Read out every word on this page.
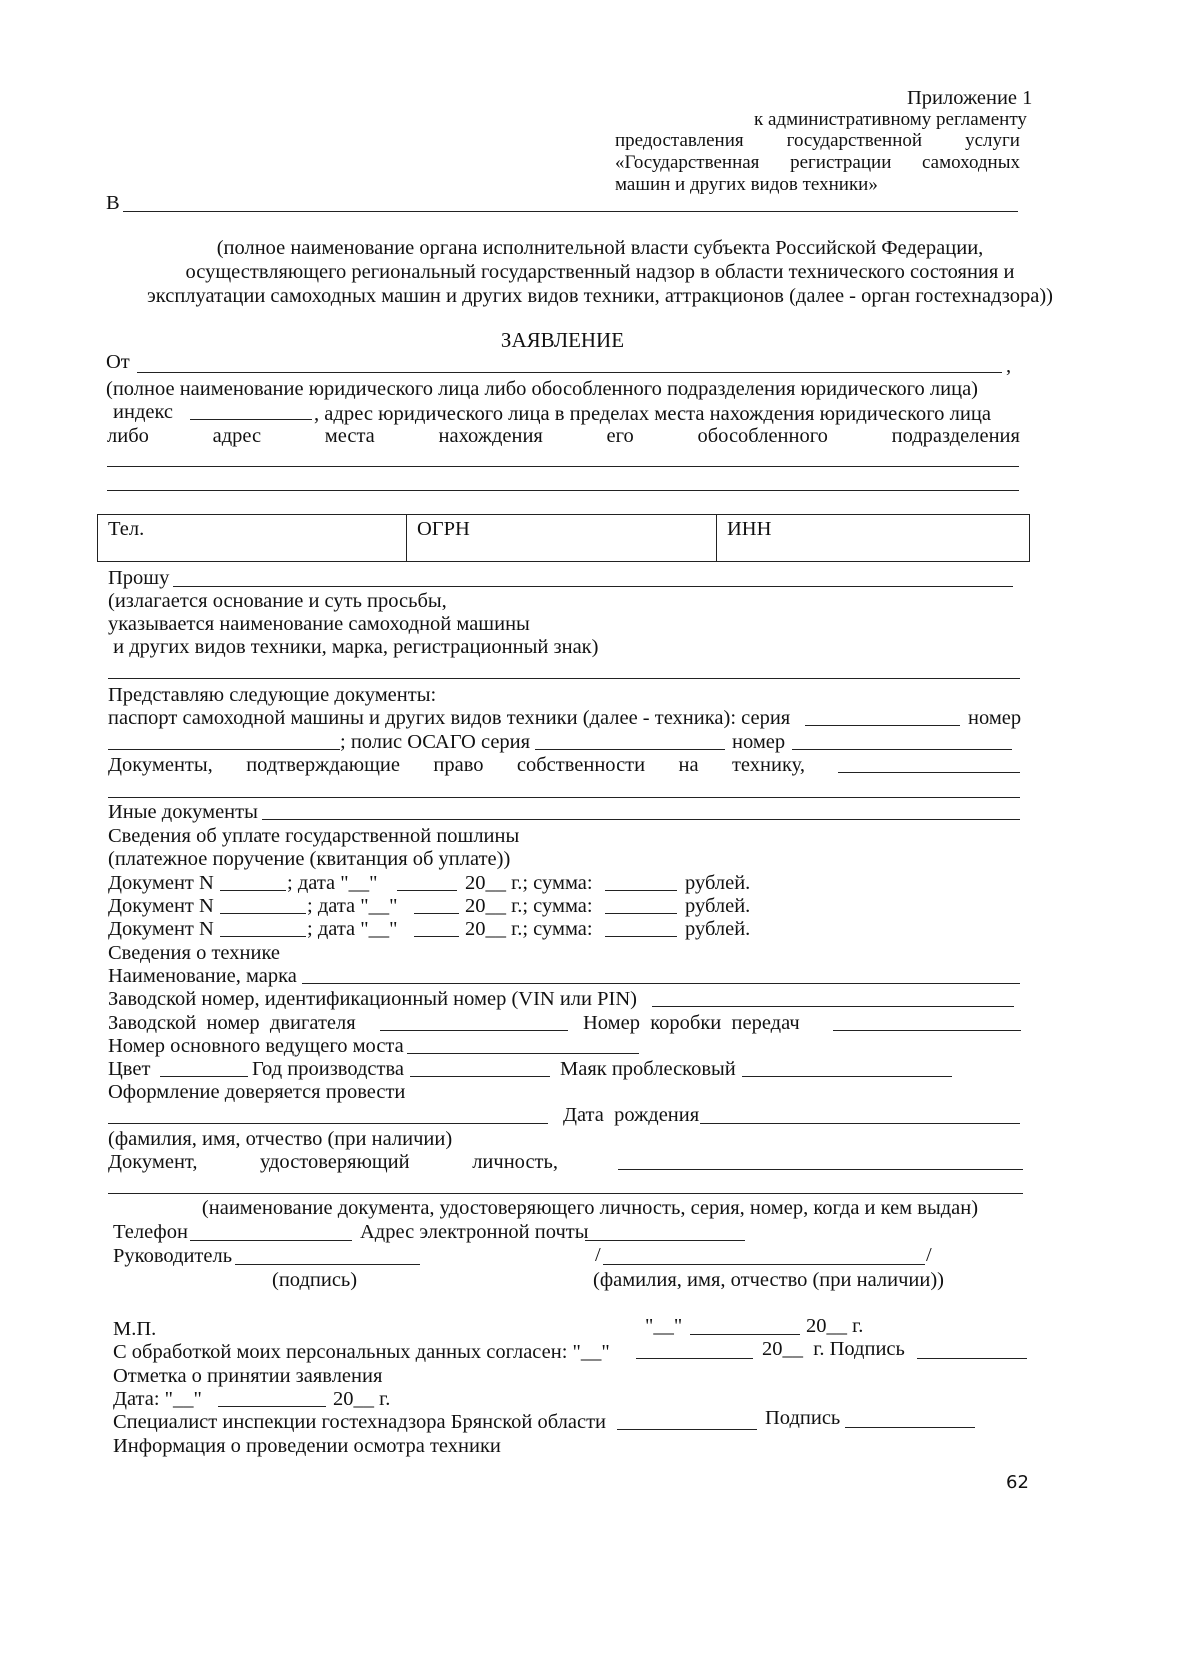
Приложение 1
к административному регламенту
предоставления государственной услуги
«Государственная регистрации самоходных
машин и других видов техники»
В
(полное наименование органа исполнительной власти субъекта Российской Федерации,
осуществляющего региональный государственный надзор в области технического состояния и
эксплуатации самоходных машин и других видов техники, аттракционов (далее - орган гостехнадзора))
ЗАЯВЛЕНИЕ
От	,
(полное наименование юридического лица либо обособленного подразделения юридического лица)
индекс	, адрес юридического лица в пределах места нахождения юридического лица
либо	адрес	места	нахождения	его	обособленного	подразделения
Тел.	ОГРН	ИНН
Прошу
(излагается основание и суть просьбы,
указывается наименование самоходной машины
и других видов техники, марка, регистрационный знак)
Представляю следующие документы:
паспорт самоходной машины и других видов техники (далее - техника): серия	номер
; полис ОСАГО серия	номер
Документы, подтверждающие право собственности на технику,
Иные документы
Сведения об уплате государственной пошлины
(платежное поручение (квитанция об уплате))
Документ N	; дата "__"	20__ г.; сумма:	рублей.
Документ N	; дата "__"	20__ г.; сумма:	рублей.
Документ N	; дата "__"	20__ г.; сумма:	рублей.
Сведения о технике
Наименование, марка
Заводской номер, идентификационный номер (VIN или PIN)
Заводской  номер  двигателя	Номер  коробки  передач
Номер основного ведущего моста
Цвет	Год производства	Маяк проблесковый
Оформление доверяется провести
Дата  рождения
(фамилия, имя, отчество (при наличии)
Документ,	удостоверяющий	личность,
(наименование документа, удостоверяющего личность, серия, номер, когда и кем выдан)
Телефон	Адрес электронной почты
Руководитель	/	/
(подпись)	(фамилия, имя, отчество (при наличии))
М.П.	"__"	20__ г.
С обработкой моих персональных данных согласен: "__"	20__  г. Подпись
Отметка о принятии заявления
Дата: "__"	20__ г.
Специалист инспекции гостехнадзора Брянской области	Подпись
Информация о проведении осмотра техники
62
